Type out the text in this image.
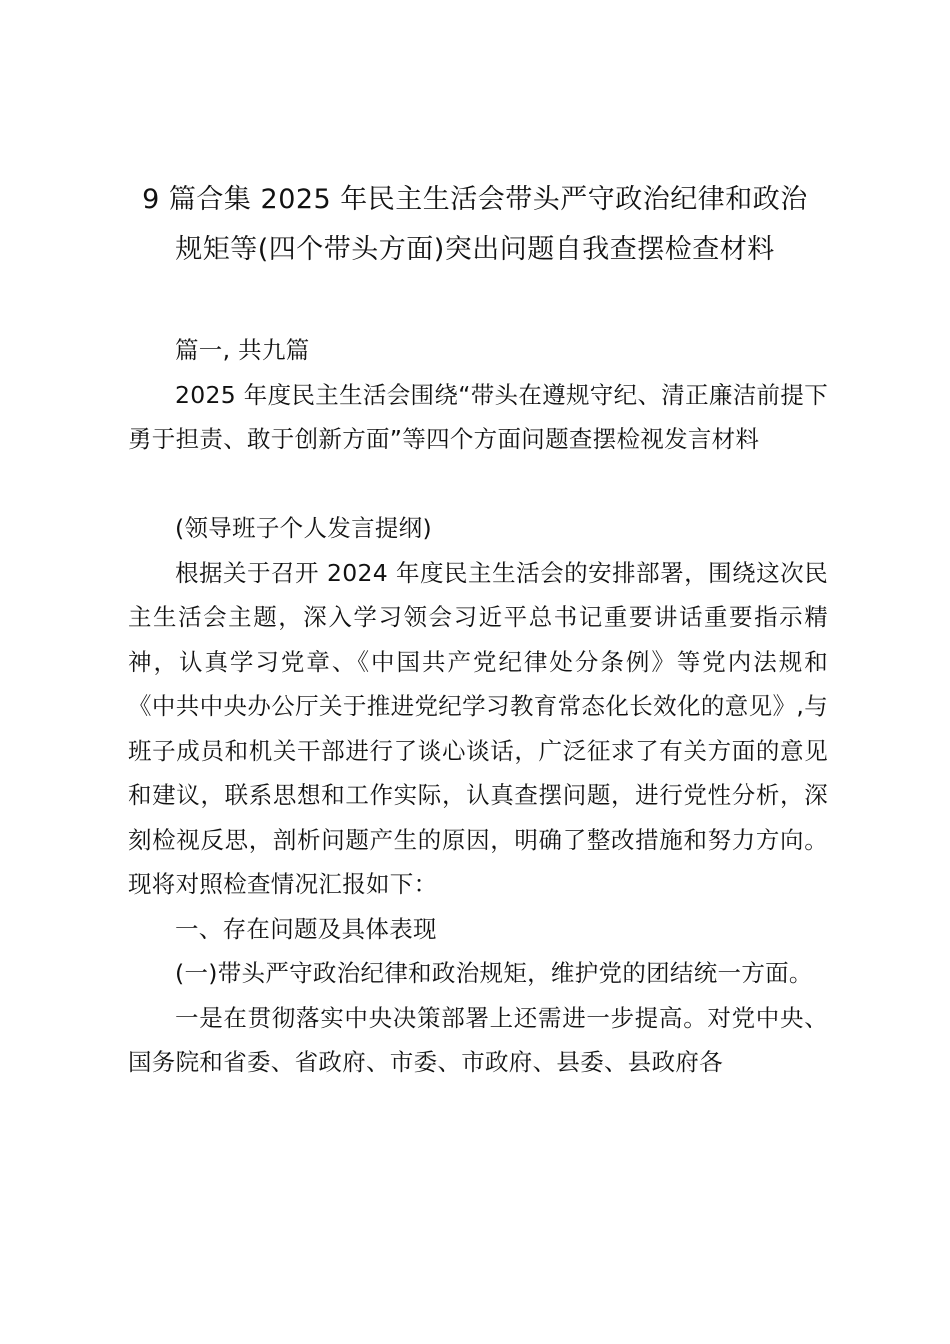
9 篇合集 2025 年民主生活会带头严守政治纪律和政治
规矩等(四个带头方面)突出问题自我查摆检查材料

篇一, 共九篇

2025 年度民主生活会围绕“带头在遵规守纪、清正廉洁前提下勇于担责、敢于创新方面”等四个方面问题查摆检视发言材料

(领导班子个人发言提纲)

根据关于召开 2024 年度民主生活会的安排部署，围绕这次民主生活会主题，深入学习领会习近平总书记重要讲话重要指示精神，认真学习党章、《中国共产党纪律处分条例》等党内法规和《中共中央办公厅关于推进党纪学习教育常态化长效化的意见》,与班子成员和机关干部进行了谈心谈话，广泛征求了有关方面的意见和建议，联系思想和工作实际，认真查摆问题，进行党性分析，深刻检视反思，剖析问题产生的原因，明确了整改措施和努力方向。现将对照检查情况汇报如下：

一、存在问题及具体表现

(一)带头严守政治纪律和政治规矩，维护党的团结统一方面。

一是在贯彻落实中央决策部署上还需进一步提高。对党中央、国务院和省委、省政府、市委、市政府、县委、县政府各
